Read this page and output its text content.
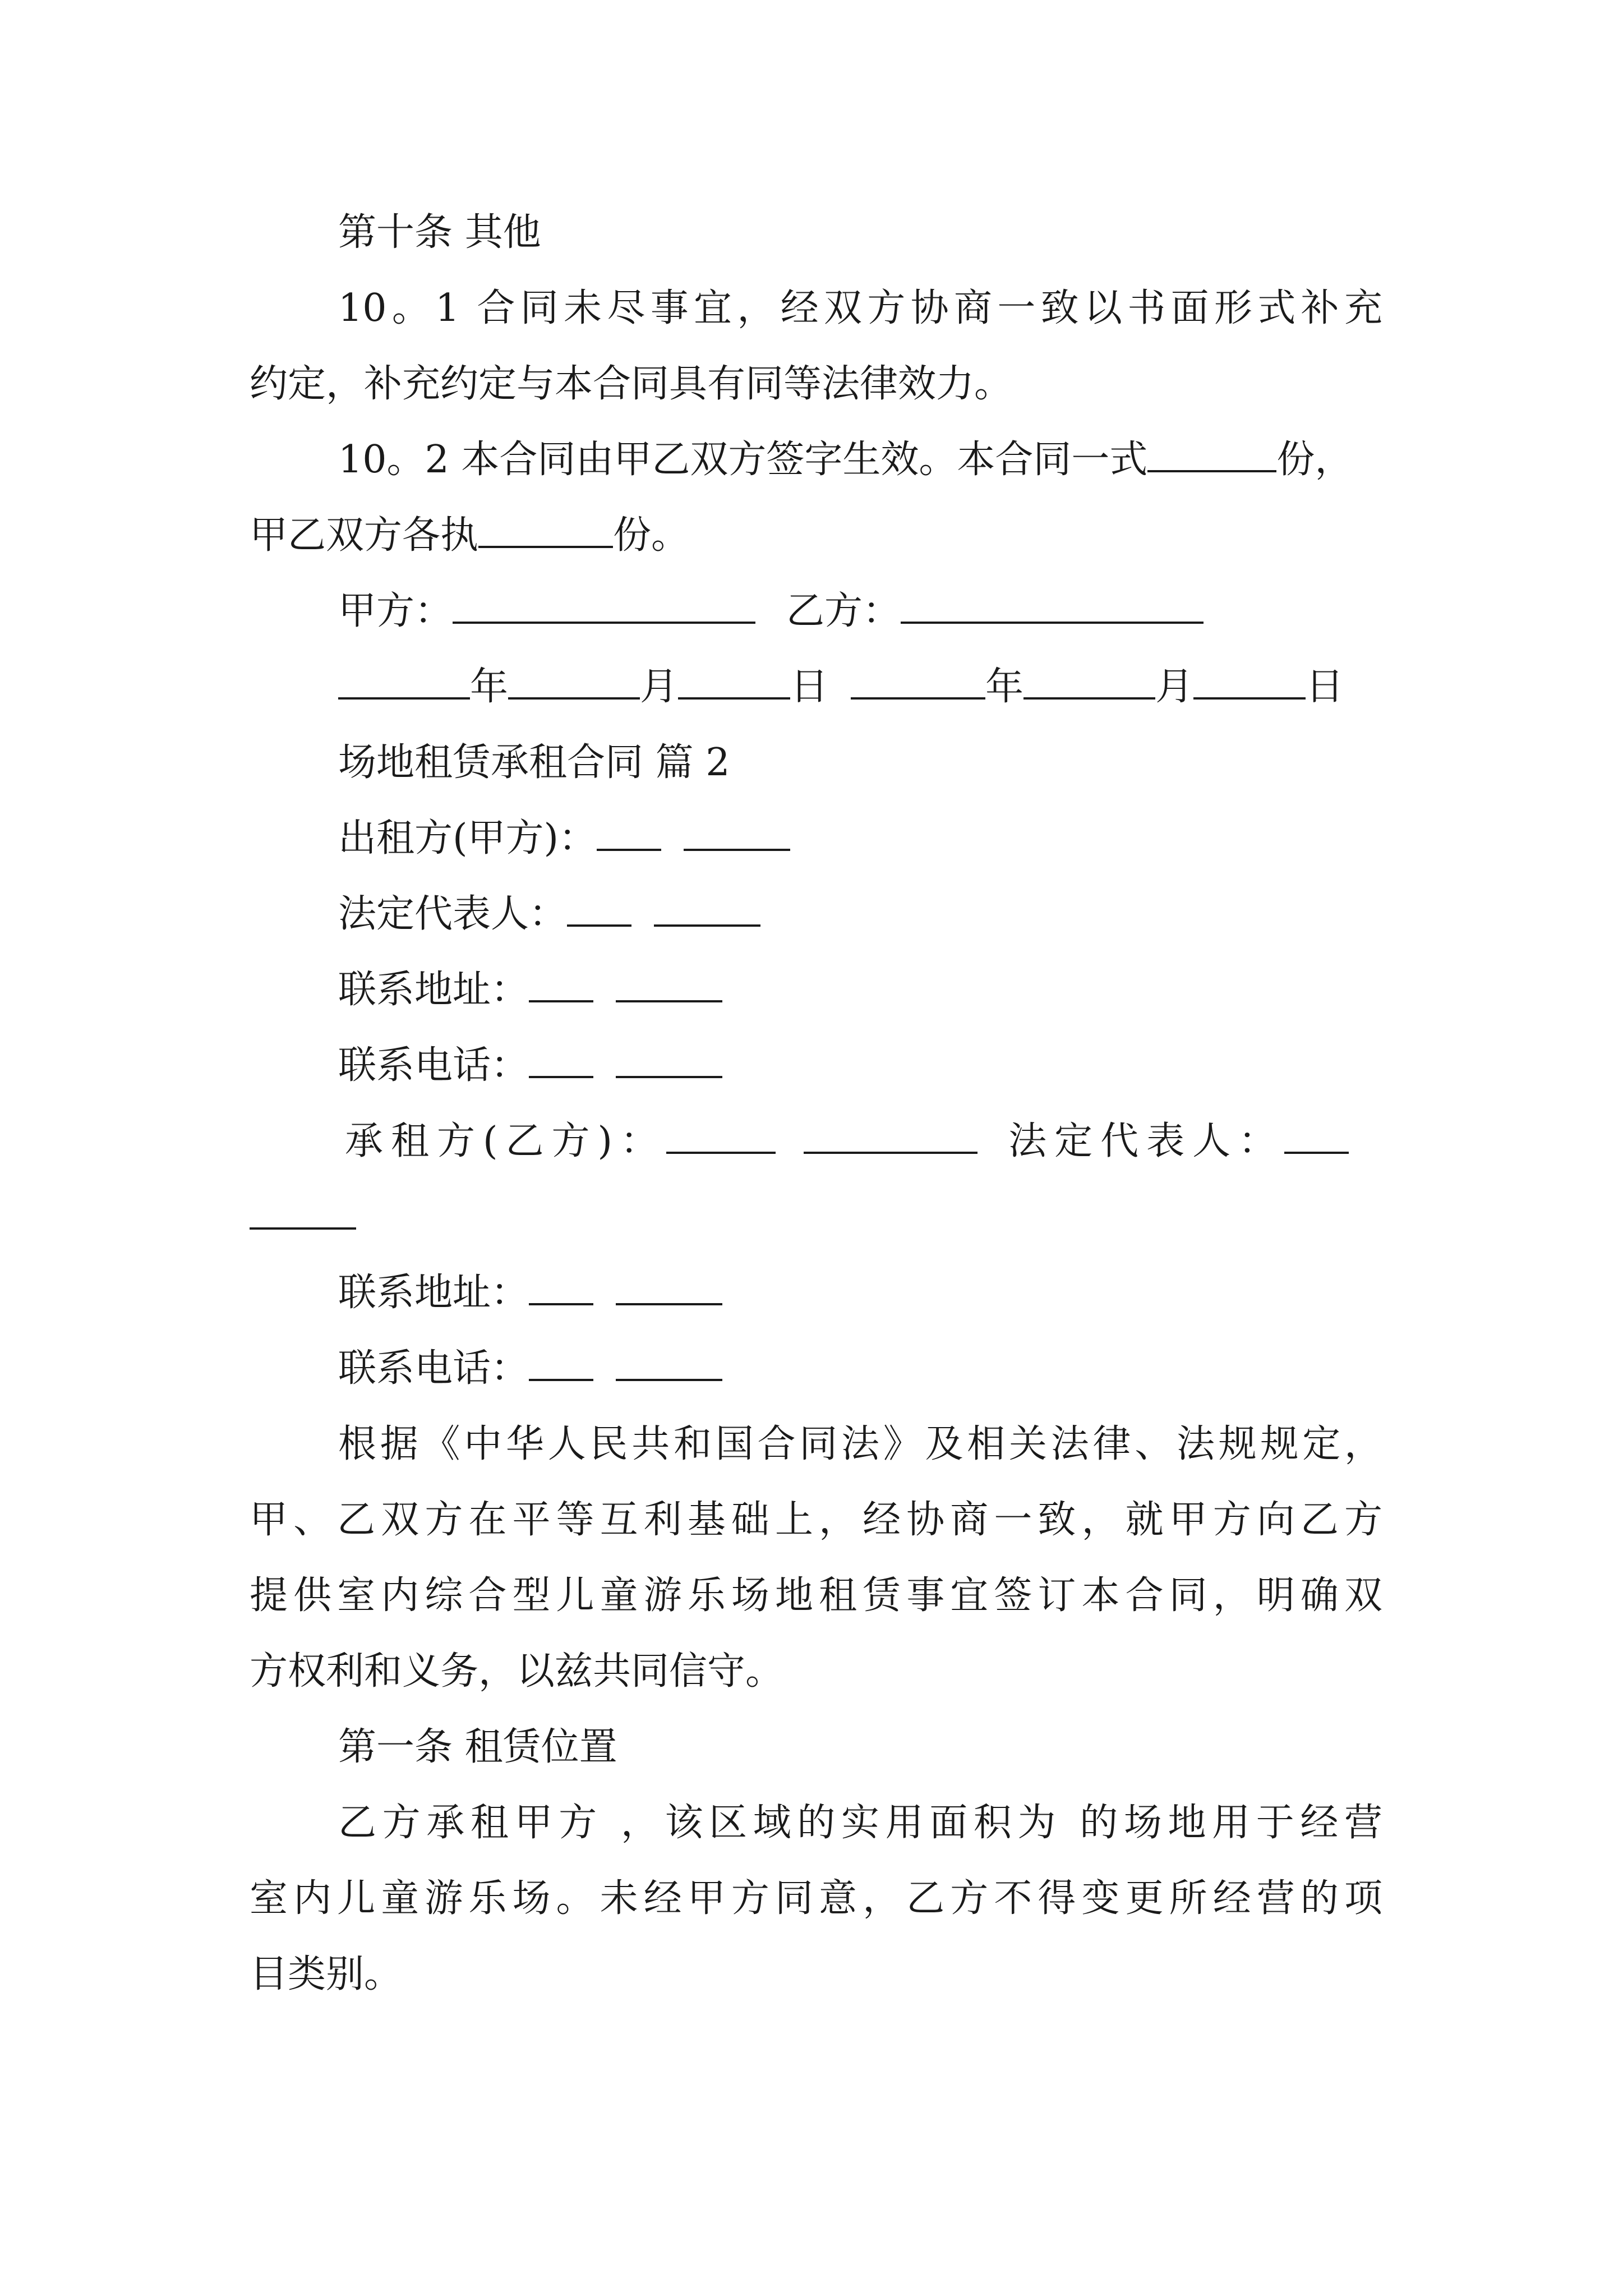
第十条 其他

10。1 合同未尽事宜，经双方协商一致以书面形式补充

约定，补充约定与本合同具有同等法律效力。

10。2 本合同由甲乙双方签字生效。本合同一式	份，

甲乙双方各执	份。

甲方：	乙方：

年	月	日	年	月	日

场地租赁承租合同 篇 2

出租方(甲方)：

法定代表人：

联系地址：

联系电话：

承租方(乙方)：	法定代表人：

联系地址：

联系电话：

根据《中华人民共和国合同法》及相关法律、法规规定，

甲、乙双方在平等互利基础上，经协商一致，就甲方向乙方

提供室内综合型儿童游乐场地租赁事宜签订本合同，明确双

方权利和义务，以兹共同信守。

第一条 租赁位置

乙方承租甲方 ，该区域的实用面积为 的场地用于经营

室内儿童游乐场。未经甲方同意，乙方不得变更所经营的项

目类别。
